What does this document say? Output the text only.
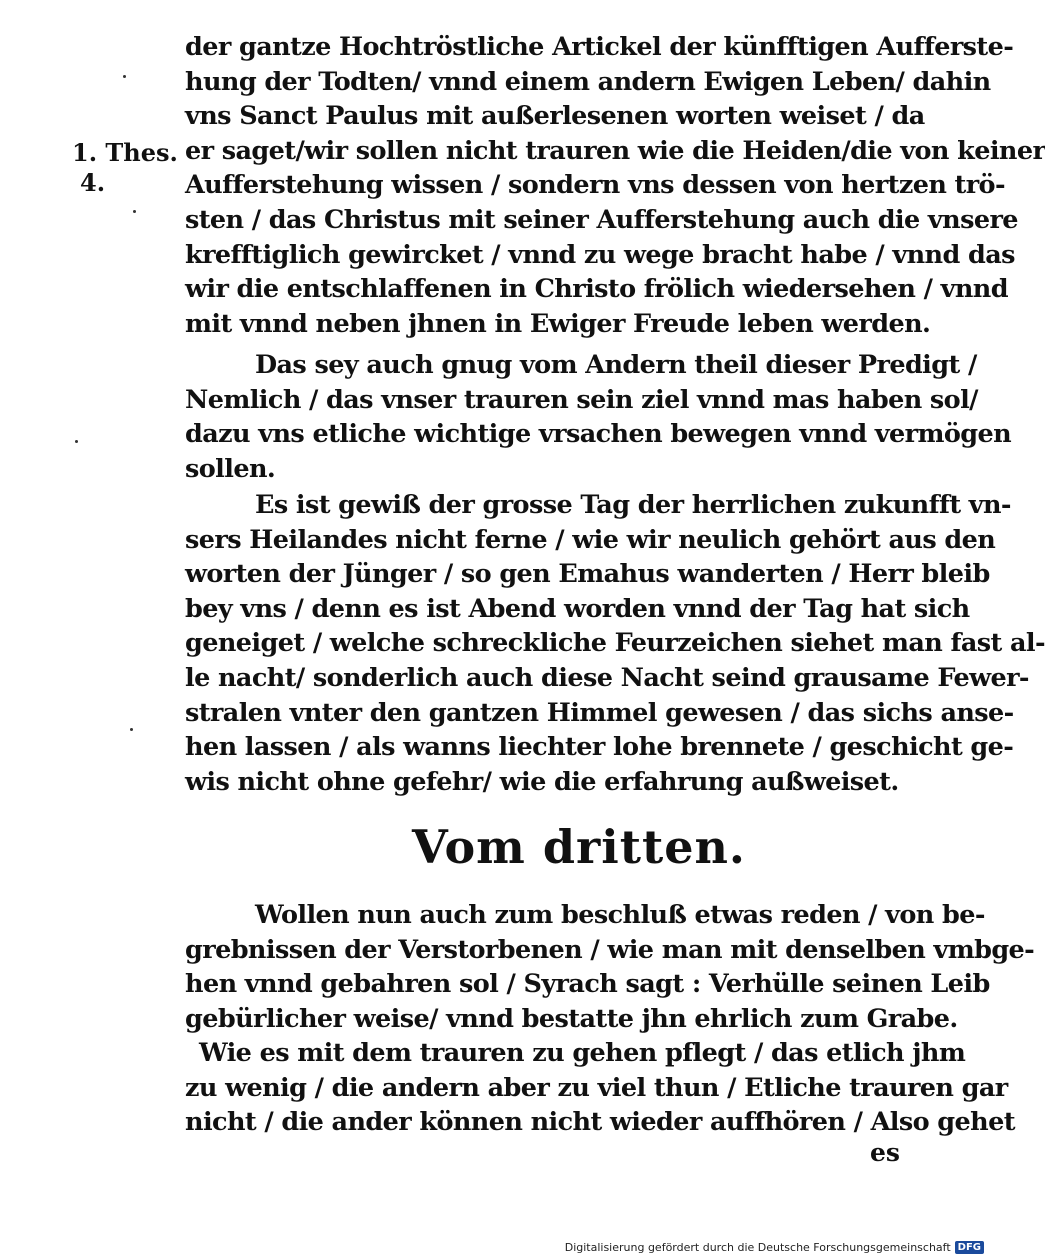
1. Thes.
4.
der gantze Hochtröstliche Artickel der künfftigen Aufferste-
hung der Todten/ vnnd einem andern Ewigen Leben/ dahin
vns Sanct Paulus mit außerlesenen worten weiset / da
er saget/wir sollen nicht trauren wie die Heiden/die von keiner
Aufferstehung wissen / sondern vns dessen von hertzen trö-
sten / das Christus mit seiner Aufferstehung auch die vnsere
krefftiglich gewircket / vnnd zu wege bracht habe / vnnd das
wir die entschlaffenen in Christo frölich wiedersehen / vnnd
mit vnnd neben jhnen in Ewiger Freude leben werden.
Das sey auch gnug vom Andern theil dieser Predigt /
Nemlich / das vnser trauren sein ziel vnnd mas haben sol/
dazu vns etliche wichtige vrsachen bewegen vnnd vermögen
sollen.
Es ist gewiß der grosse Tag der herrlichen zukunfft vn-
sers Heilandes nicht ferne / wie wir neulich gehört aus den
worten der Jünger / so gen Emahus wanderten / Herr bleib
bey vns / denn es ist Abend worden vnnd der Tag hat sich
geneiget / welche schreckliche Feurzeichen siehet man fast al-
le nacht/ sonderlich auch diese Nacht seind grausame Fewer-
stralen vnter den gantzen Himmel gewesen / das sichs anse-
hen lassen / als wanns liechter lohe brennete / geschicht ge-
wis nicht ohne gefehr/ wie die erfahrung außweiset.
Vom dritten.
Wollen nun auch zum beschluß etwas reden / von be-
grebnissen der Verstorbenen / wie man mit denselben vmbge-
hen vnnd gebahren sol / Syrach sagt : Verhülle seinen Leib
gebürlicher weise/ vnnd bestatte jhn ehrlich zum Grabe.
Wie es mit dem trauren zu gehen pflegt / das etlich jhm
zu wenig / die andern aber zu viel thun / Etliche trauren gar
nicht / die ander können nicht wieder auffhören / Also gehet
es
Digitalisierung gefördert durch die Deutsche Forschungsgemeinschaft DFG
